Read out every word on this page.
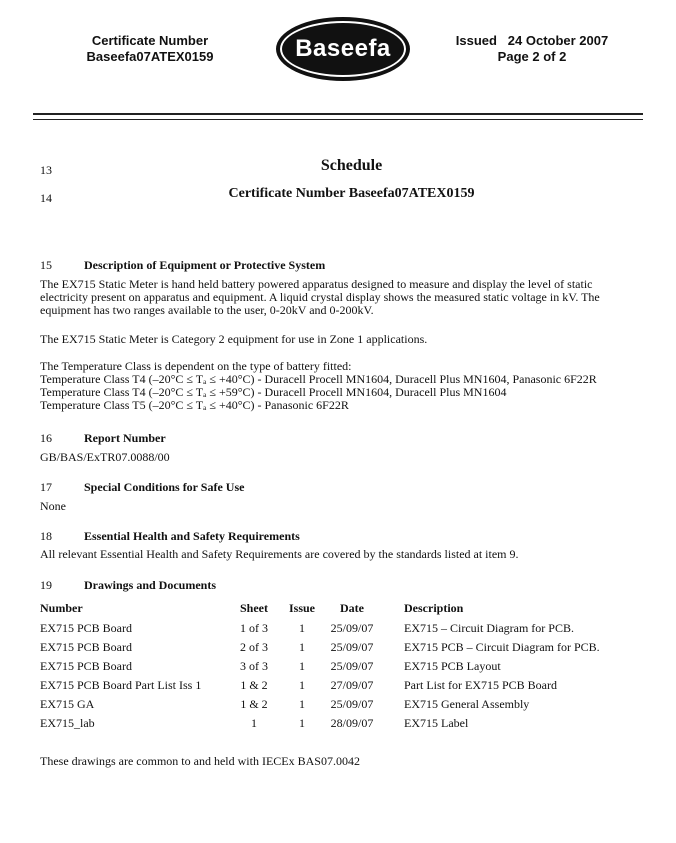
Certificate Number
Baseefa07ATEX0159	Baseefa	Issued   24 October 2007
Page 2 of 2
13	Schedule
14	Certificate Number Baseefa07ATEX0159
15	Description of Equipment or Protective System
The EX715 Static Meter is hand held battery powered apparatus designed to measure and display the level of static electricity present on apparatus and equipment. A liquid crystal display shows the measured static voltage in kV. The equipment has two ranges available to the user, 0-20kV and 0-200kV.
The EX715 Static Meter is Category 2 equipment for use in Zone 1 applications.
The Temperature Class is dependent on the type of battery fitted:
Temperature Class T4 (–20°C ≤ Tₐ ≤ +40°C) - Duracell Procell MN1604, Duracell Plus MN1604, Panasonic 6F22R
Temperature Class T4 (–20°C ≤ Tₐ ≤ +59°C) - Duracell Procell MN1604, Duracell Plus MN1604
Temperature Class T5 (–20°C ≤ Tₐ ≤ +40°C) - Panasonic 6F22R
16	Report Number
GB/BAS/ExTR07.0088/00
17	Special Conditions for Safe Use
None
18	Essential Health and Safety Requirements
All relevant Essential Health and Safety Requirements are covered by the standards listed at item 9.
19	Drawings and Documents
Number	Sheet	Issue	Date	Description
EX715 PCB Board	1 of 3	1	25/09/07	EX715 – Circuit Diagram for PCB.
EX715 PCB Board	2 of 3	1	25/09/07	EX715 PCB – Circuit Diagram for PCB.
EX715 PCB Board	3 of 3	1	25/09/07	EX715 PCB Layout
EX715 PCB Board Part List Iss 1	1 & 2	1	27/09/07	Part List for EX715 PCB Board
EX715 GA	1 & 2	1	25/09/07	EX715 General Assembly
EX715_lab	1	1	28/09/07	EX715 Label
These drawings are common to and held with IECEx BAS07.0042
